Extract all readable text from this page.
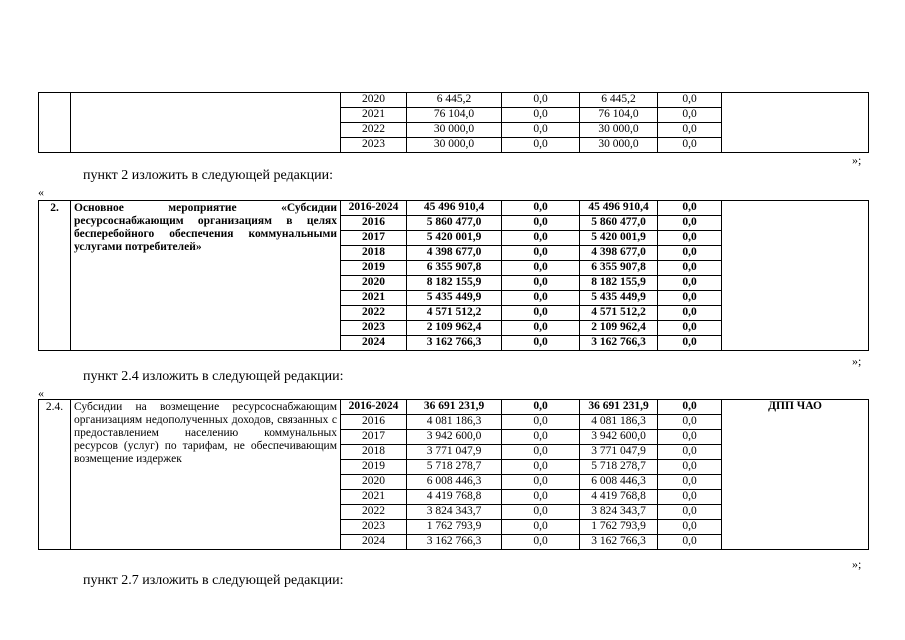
		2020	6 445,2	0,0	6 445,2	0,0	
		2021	76 104,0	0,0	76 104,0	0,0	
		2022	30 000,0	0,0	30 000,0	0,0	
		2023	30 000,0	0,0	30 000,0	0,0	
»;
пункт 2 изложить в следующей редакции:
«
2.	Основное мероприятие «Субсидии ресурсоснабжающим организациям в целях бесперебойного обеспечения коммунальными услугами потребителей»	2016-2024	45 496 910,4	0,0	45 496 910,4	0,0	
		2016	5 860 477,0	0,0	5 860 477,0	0,0	
		2017	5 420 001,9	0,0	5 420 001,9	0,0	
		2018	4 398 677,0	0,0	4 398 677,0	0,0	
		2019	6 355 907,8	0,0	6 355 907,8	0,0	
		2020	8 182 155,9	0,0	8 182 155,9	0,0	
		2021	5 435 449,9	0,0	5 435 449,9	0,0	
		2022	4 571 512,2	0,0	4 571 512,2	0,0	
		2023	2 109 962,4	0,0	2 109 962,4	0,0	
		2024	3 162 766,3	0,0	3 162 766,3	0,0	
»;
пункт 2.4 изложить в следующей редакции:
«
2.4.	Субсидии на возмещение ресурсоснабжающим организациям недополученных доходов, связанных с предоставлением населению коммунальных ресурсов (услуг) по тарифам, не обеспечивающим возмещение издержек	2016-2024	36 691 231,9	0,0	36 691 231,9	0,0	ДПП ЧАО
		2016	4 081 186,3	0,0	4 081 186,3	0,0	
		2017	3 942 600,0	0,0	3 942 600,0	0,0	
		2018	3 771 047,9	0,0	3 771 047,9	0,0	
		2019	5 718 278,7	0,0	5 718 278,7	0,0	
		2020	6 008 446,3	0,0	6 008 446,3	0,0	
		2021	4 419 768,8	0,0	4 419 768,8	0,0	
		2022	3 824 343,7	0,0	3 824 343,7	0,0	
		2023	1 762 793,9	0,0	1 762 793,9	0,0	
		2024	3 162 766,3	0,0	3 162 766,3	0,0	
»;
пункт 2.7 изложить в следующей редакции:
